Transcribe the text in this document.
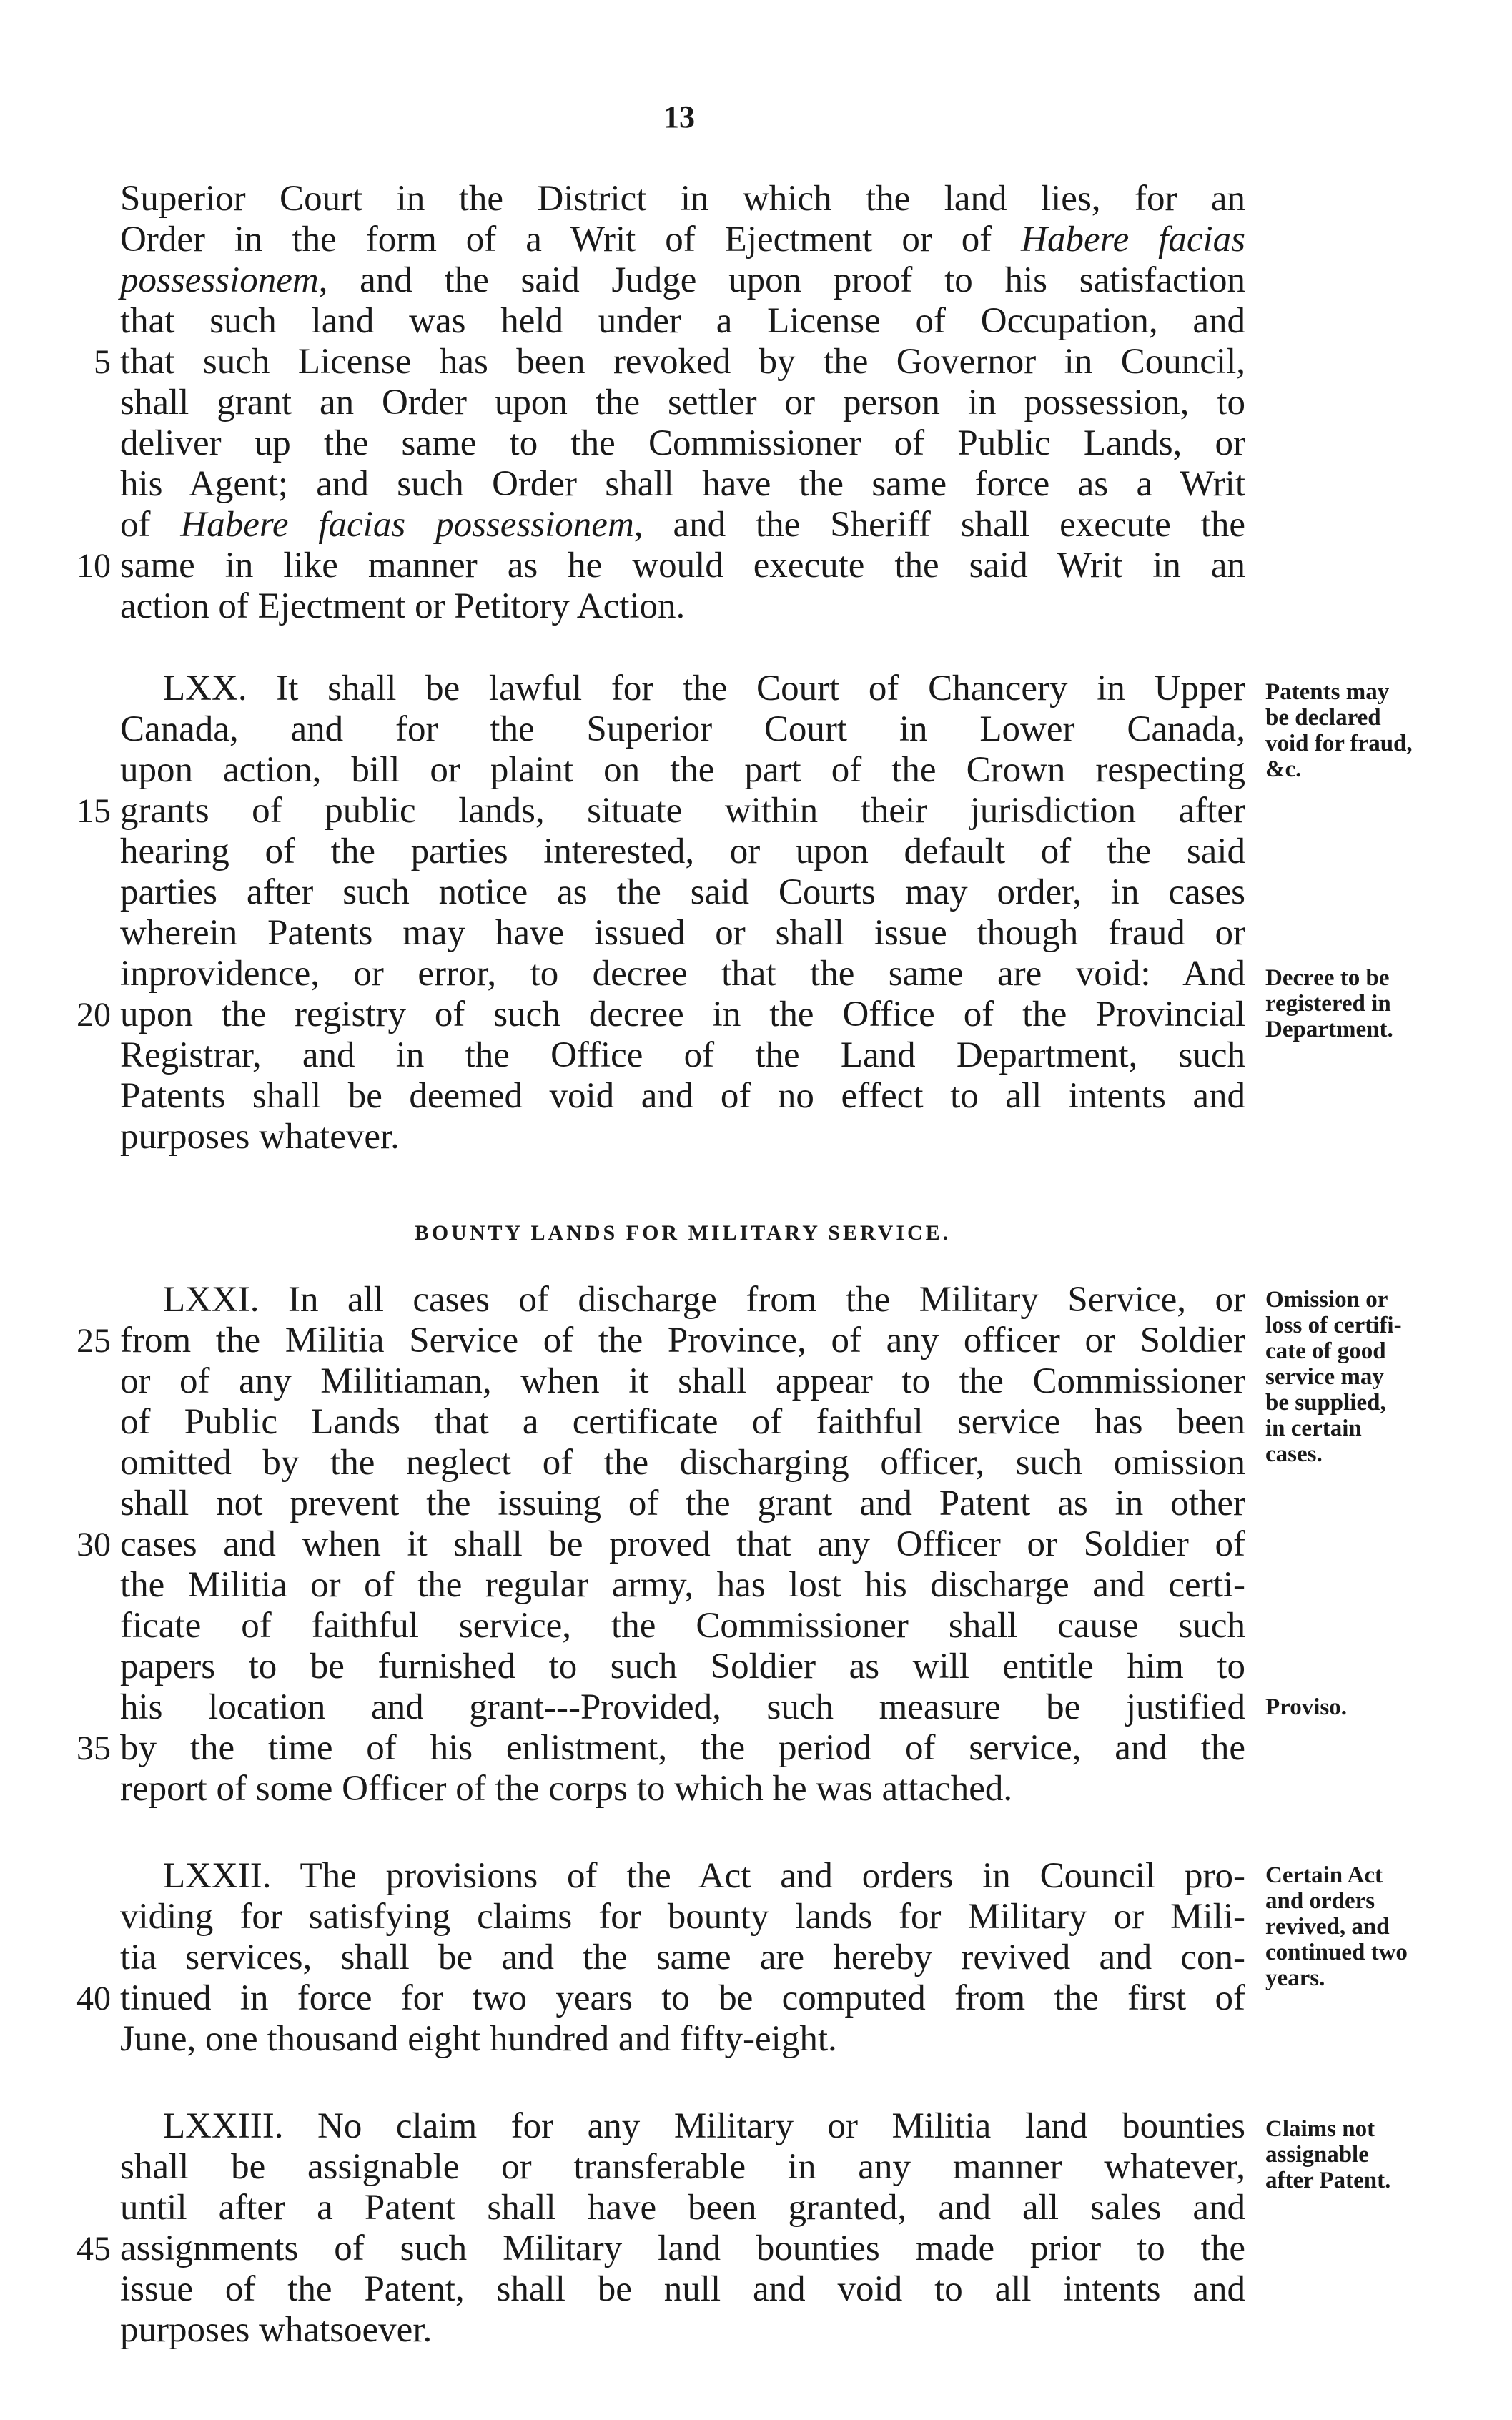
13
Superior Court in the District in which the land lies, for an
Order in the form of a Writ of Ejectment or of Habere facias
possessionem, and the said Judge upon proof to his satisfaction
that such land was held under a License of Occupation, and
that such License has been revoked by the Governor in Council,
shall grant an Order upon the settler or person in possession, to
deliver up the same to the Commissioner of Public Lands, or
his Agent; and such Order shall have the same force as a Writ
of Habere facias possessionem, and the Sheriff shall execute the
same in like manner as he would execute the said Writ in an
action of Ejectment or Petitory Action.
LXX. It shall be lawful for the Court of Chancery in Upper
Canada, and for the Superior Court in Lower Canada,
upon action, bill or plaint on the part of the Crown respecting
grants of public lands, situate within their jurisdiction after
hearing of the parties interested, or upon default of the said
parties after such notice as the said Courts may order, in cases
wherein Patents may have issued or shall issue though fraud or
inprovidence, or error, to decree that the same are void: And
upon the registry of such decree in the Office of the Provincial
Registrar, and in the Office of the Land Department, such
Patents shall be deemed void and of no effect to all intents and
purposes whatever.
BOUNTY LANDS FOR MILITARY SERVICE.
LXXI. In all cases of discharge from the Military Service, or
from the Militia Service of the Province, of any officer or Soldier
or of any Militiaman, when it shall appear to the Commissioner
of Public Lands that a certificate of faithful service has been
omitted by the neglect of the discharging officer, such omission
shall not prevent the issuing of the grant and Patent as in other
cases and when it shall be proved that any Officer or Soldier of
the Militia or of the regular army, has lost his discharge and certi-
ficate of faithful service, the Commissioner shall cause such
papers to be furnished to such Soldier as will entitle him to
his location and grant---Provided, such measure be justified
by the time of his enlistment, the period of service, and the
report of some Officer of the corps to which he was attached.
LXXII. The provisions of the Act and orders in Council pro-
viding for satisfying claims for bounty lands for Military or Mili-
tia services, shall be and the same are hereby revived and con-
tinued in force for two years to be computed from the first of
June, one thousand eight hundred and fifty-eight.
LXXIII. No claim for any Military or Militia land bounties
shall be assignable or transferable in any manner whatever,
until after a Patent shall have been granted, and all sales and
assignments of such Military land bounties made prior to the
issue of the Patent, shall be null and void to all intents and
purposes whatsoever.
5
10
15
20
25
30
35
40
45
Patents may
be declared
void for fraud,
&c.
Decree to be
registered in
Department.
Omission or
loss of certifi-
cate of good
service may
be supplied,
in certain
cases.
Proviso.
Certain Act
and orders
revived, and
continued two
years.
Claims not
assignable
after Patent.
